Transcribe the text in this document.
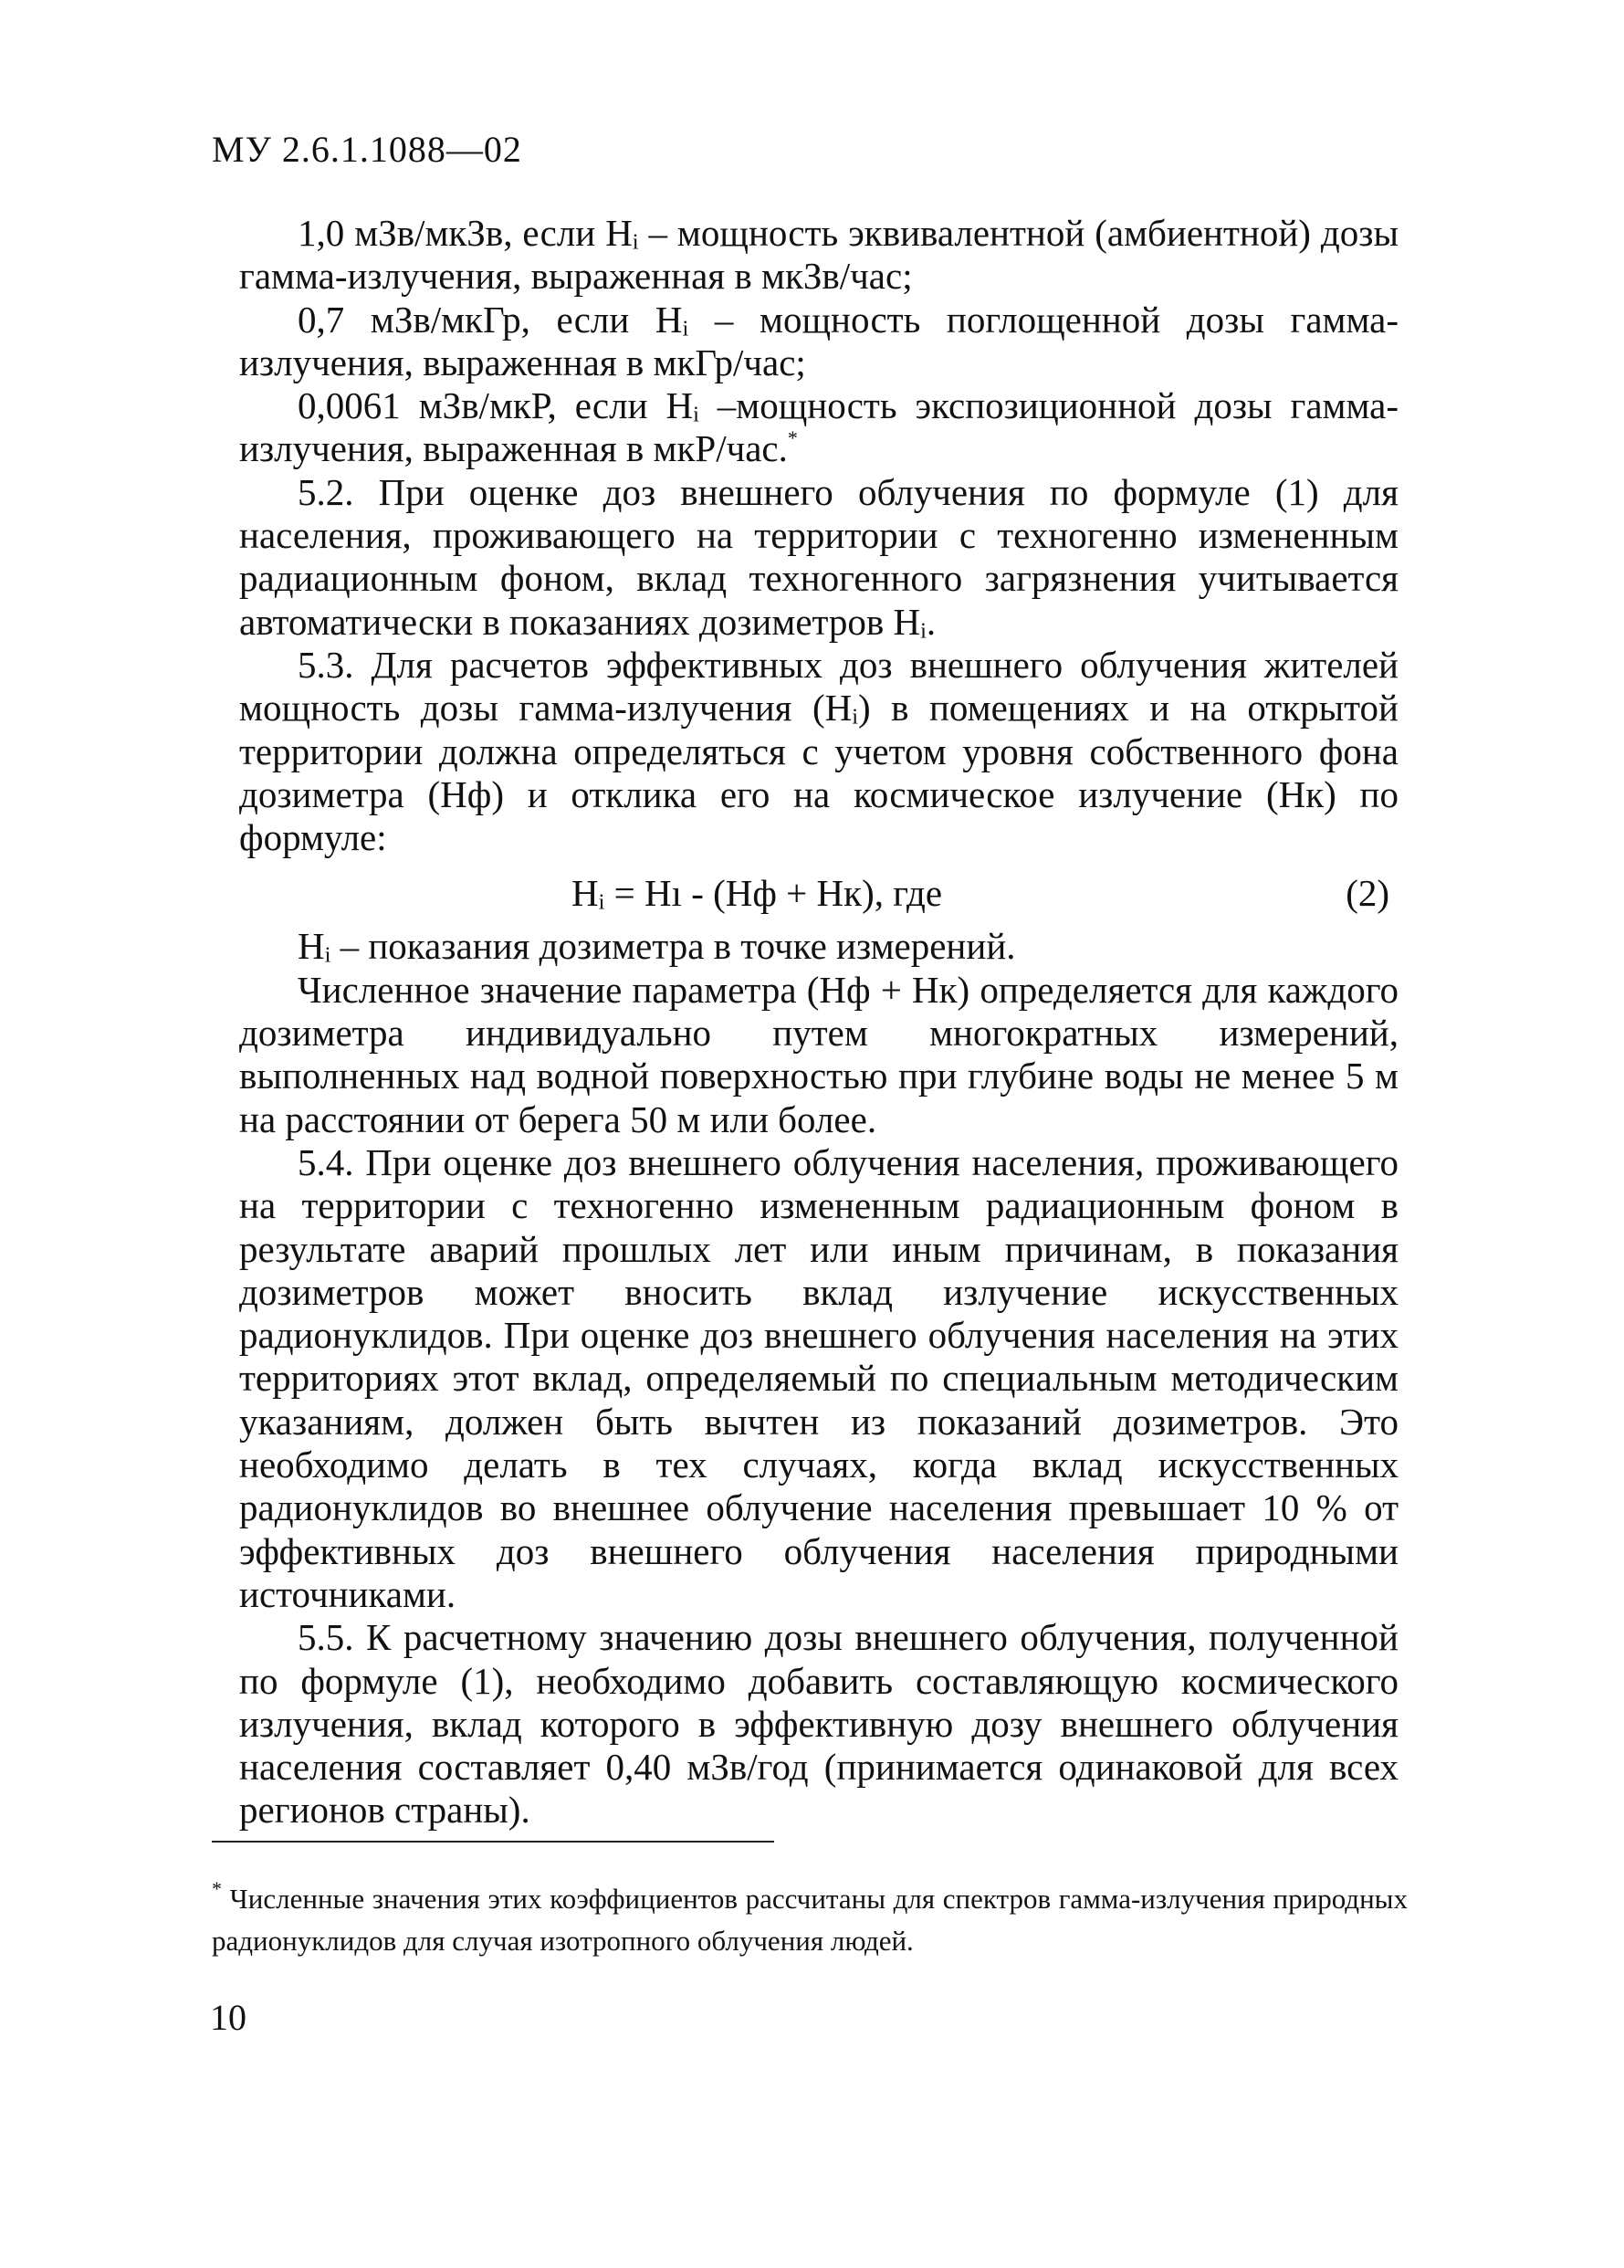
МУ 2.6.1.1088—02

1,0 мЗв/мкЗв, если Hᵢ – мощность эквивалентной (амбиентной) дозы гамма-излучения, выраженная в мкЗв/час;

0,7 мЗв/мкГр, если Hᵢ – мощность поглощенной дозы гамма-излучения, выраженная в мкГр/час;

0,0061 мЗв/мкР, если Hᵢ –мощность экспозиционной дозы гамма-излучения, выраженная в мкР/час.*

5.2. При оценке доз внешнего облучения по формуле (1) для населения, проживающего на территории с техногенно измененным радиационным фоном, вклад техногенного загрязнения учитывается автоматически в показаниях дозиметров Hᵢ.

5.3. Для расчетов эффективных доз внешнего облучения жителей мощность дозы гамма-излучения (Hᵢ) в помещениях и на открытой территории должна определяться с учетом уровня собственного фона дозиметра (Hф) и отклика его на космическое излучение (Hк) по формуле:

Hᵢ = Hı - (Hф + Hк), где	(2)

Hᵢ – показания дозиметра в точке измерений.

Численное значение параметра (Hф + Hк) определяется для каждого дозиметра индивидуально путем многократных измерений, выполненных над водной поверхностью при глубине воды не менее 5 м на расстоянии от берега 50 м или более.

5.4. При оценке доз внешнего облучения населения, проживающего на территории с техногенно измененным радиационным фоном в результате аварий прошлых лет или иным причинам, в показания дозиметров может вносить вклад излучение искусственных радионуклидов. При оценке доз внешнего облучения населения на этих территориях этот вклад, определяемый по специальным методическим указаниям, должен быть вычтен из показаний дозиметров. Это необходимо делать в тех случаях, когда вклад искусственных радионуклидов во внешнее облучение населения превышает 10 % от эффективных доз внешнего облучения населения природными источниками.

5.5. К расчетному значению дозы внешнего облучения, полученной по формуле (1), необходимо добавить составляющую космического излучения, вклад которого в эффективную дозу внешнего облучения населения составляет 0,40 мЗв/год (принимается одинаковой для всех регионов страны).

* Численные значения этих коэффициентов рассчитаны для спектров гамма-излучения природных радионуклидов для случая изотропного облучения людей.
10
